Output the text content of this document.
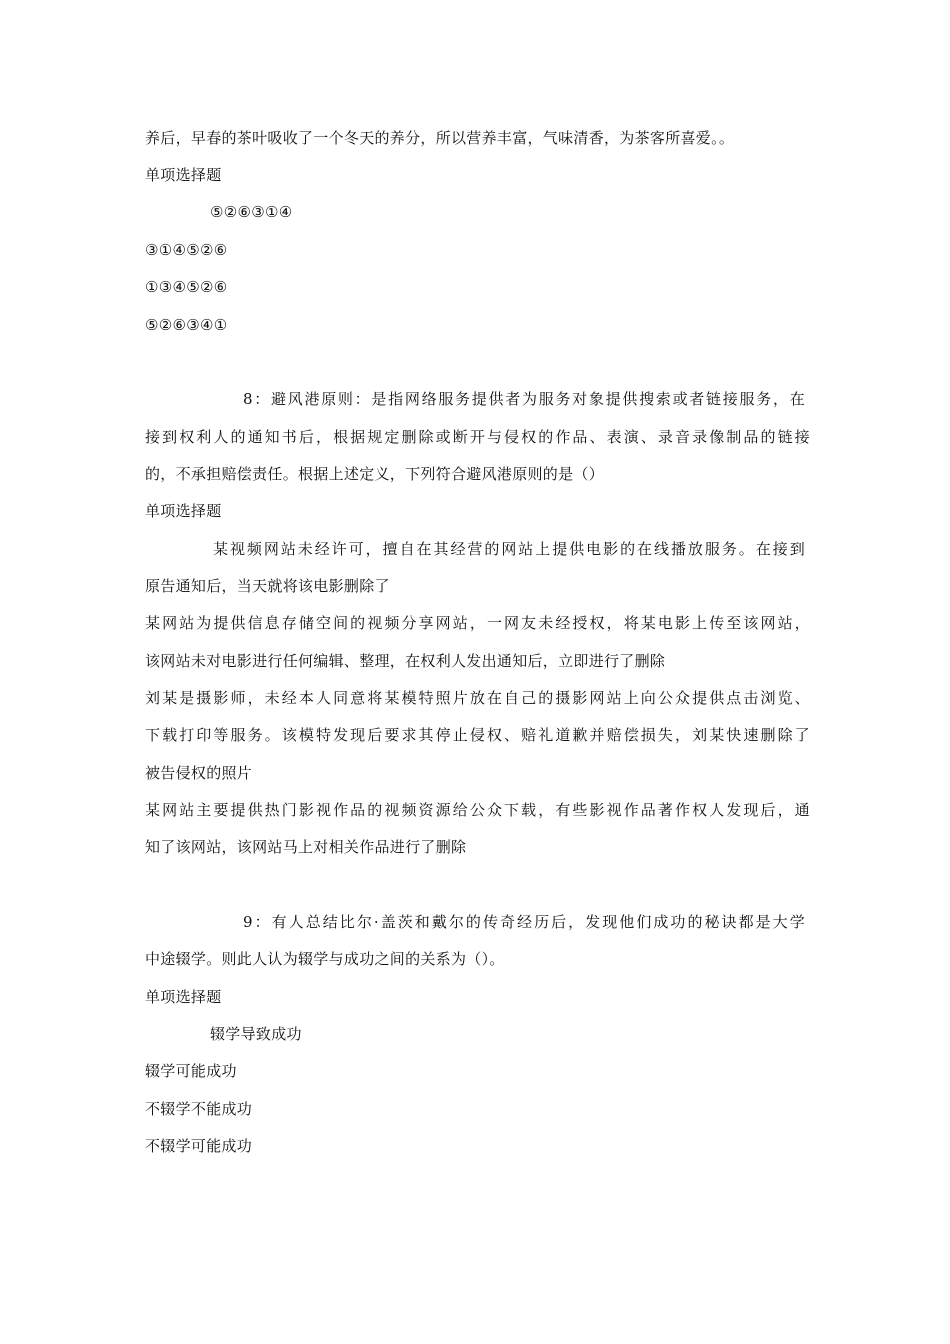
养后，早春的茶叶吸收了一个冬天的养分，所以营养丰富，气味清香，为茶客所喜爱。。
单项选择题
⑤②⑥③①④
③①④⑤②⑥
①③④⑤②⑥
⑤②⑥③④①
8：避风港原则：是指网络服务提供者为服务对象提供搜索或者链接服务，在
接到权利人的通知书后，根据规定删除或断开与侵权的作品、表演、录音录像制品的链接
的，不承担赔偿责任。根据上述定义，下列符合避风港原则的是（）
单项选择题
某视频网站未经许可，擅自在其经营的网站上提供电影的在线播放服务。在接到
原告通知后，当天就将该电影删除了
某网站为提供信息存储空间的视频分享网站，一网友未经授权，将某电影上传至该网站，
该网站未对电影进行任何编辑、整理，在权利人发出通知后，立即进行了删除
刘某是摄影师，未经本人同意将某模特照片放在自己的摄影网站上向公众提供点击浏览、
下载打印等服务。该模特发现后要求其停止侵权、赔礼道歉并赔偿损失，刘某快速删除了
被告侵权的照片
某网站主要提供热门影视作品的视频资源给公众下载，有些影视作品著作权人发现后，通
知了该网站，该网站马上对相关作品进行了删除
9：有人总结比尔·盖茨和戴尔的传奇经历后，发现他们成功的秘诀都是大学
中途辍学。则此人认为辍学与成功之间的关系为（）。
单项选择题
辍学导致成功
辍学可能成功
不辍学不能成功
不辍学可能成功
